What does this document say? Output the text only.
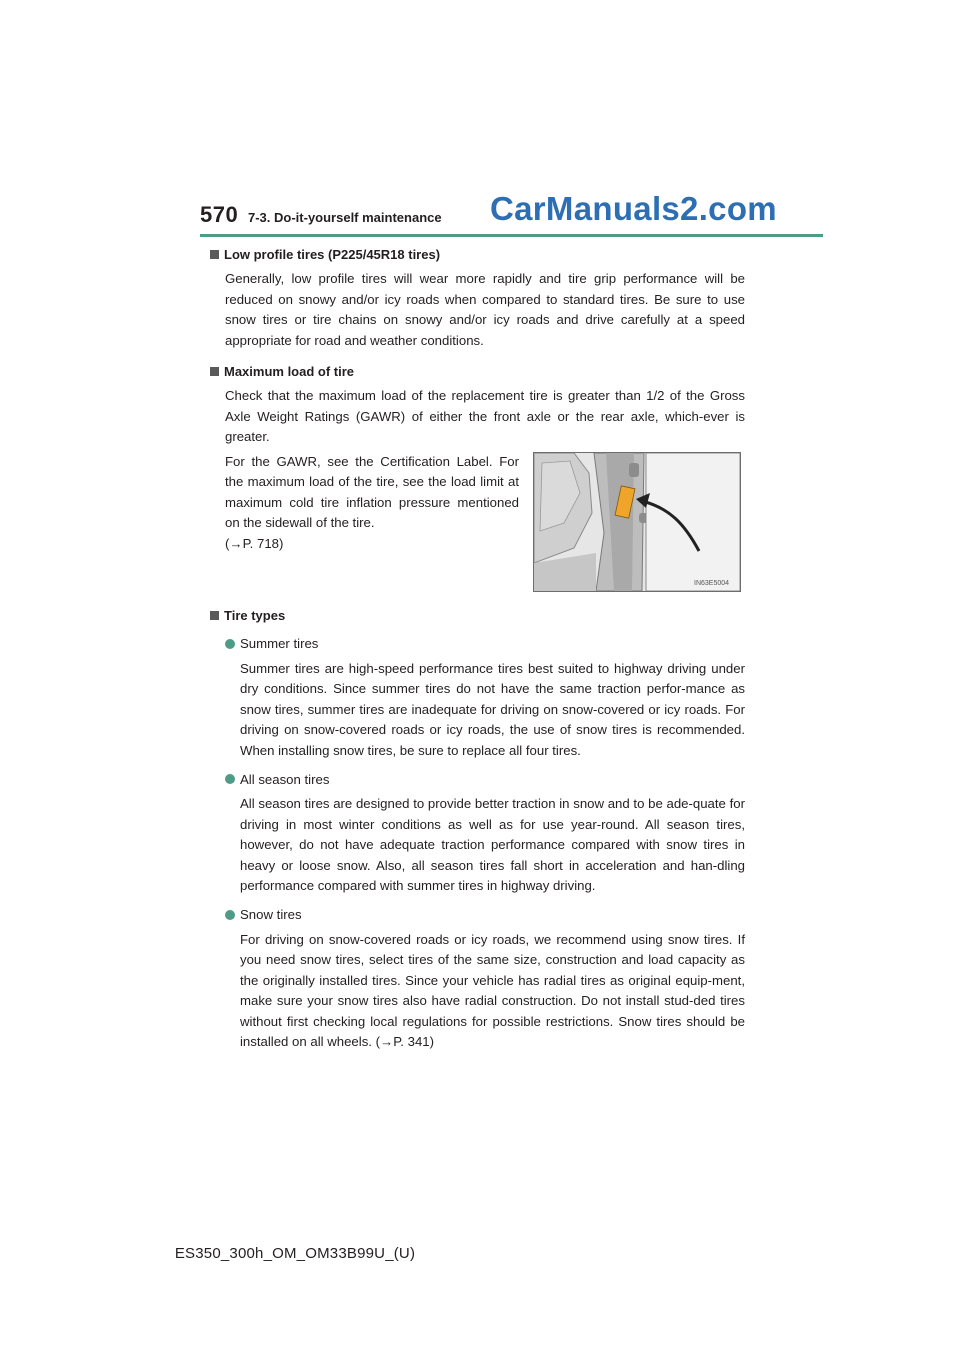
570 7-3. Do-it-yourself maintenance CarManuals2.com
Low profile tires (P225/45R18 tires)
Generally, low profile tires will wear more rapidly and tire grip performance will be reduced on snowy and/or icy roads when compared to standard tires. Be sure to use snow tires or tire chains on snowy and/or icy roads and drive carefully at a speed appropriate for road and weather conditions.
Maximum load of tire
Check that the maximum load of the replacement tire is greater than 1/2 of the Gross Axle Weight Ratings (GAWR) of either the front axle or the rear axle, which-ever is greater.
For the GAWR, see the Certification Label. For the maximum load of the tire, see the load limit at maximum cold tire inflation pressure mentioned on the sidewall of the tire.
(→P. 718)
IN63E5004
Tire types
Summer tires
Summer tires are high-speed performance tires best suited to highway driving under dry conditions. Since summer tires do not have the same traction perfor-mance as snow tires, summer tires are inadequate for driving on snow-covered or icy roads. For driving on snow-covered roads or icy roads, the use of snow tires is recommended. When installing snow tires, be sure to replace all four tires.
All season tires
All season tires are designed to provide better traction in snow and to be ade-quate for driving in most winter conditions as well as for use year-round. All season tires, however, do not have adequate traction performance compared with snow tires in heavy or loose snow. Also, all season tires fall short in acceleration and han-dling performance compared with summer tires in highway driving.
Snow tires
For driving on snow-covered roads or icy roads, we recommend using snow tires. If you need snow tires, select tires of the same size, construction and load capacity as the originally installed tires. Since your vehicle has radial tires as original equip-ment, make sure your snow tires also have radial construction. Do not install stud-ded tires without first checking local regulations for possible restrictions. Snow tires should be installed on all wheels. (→P. 341)
ES350_300h_OM_OM33B99U_(U)
